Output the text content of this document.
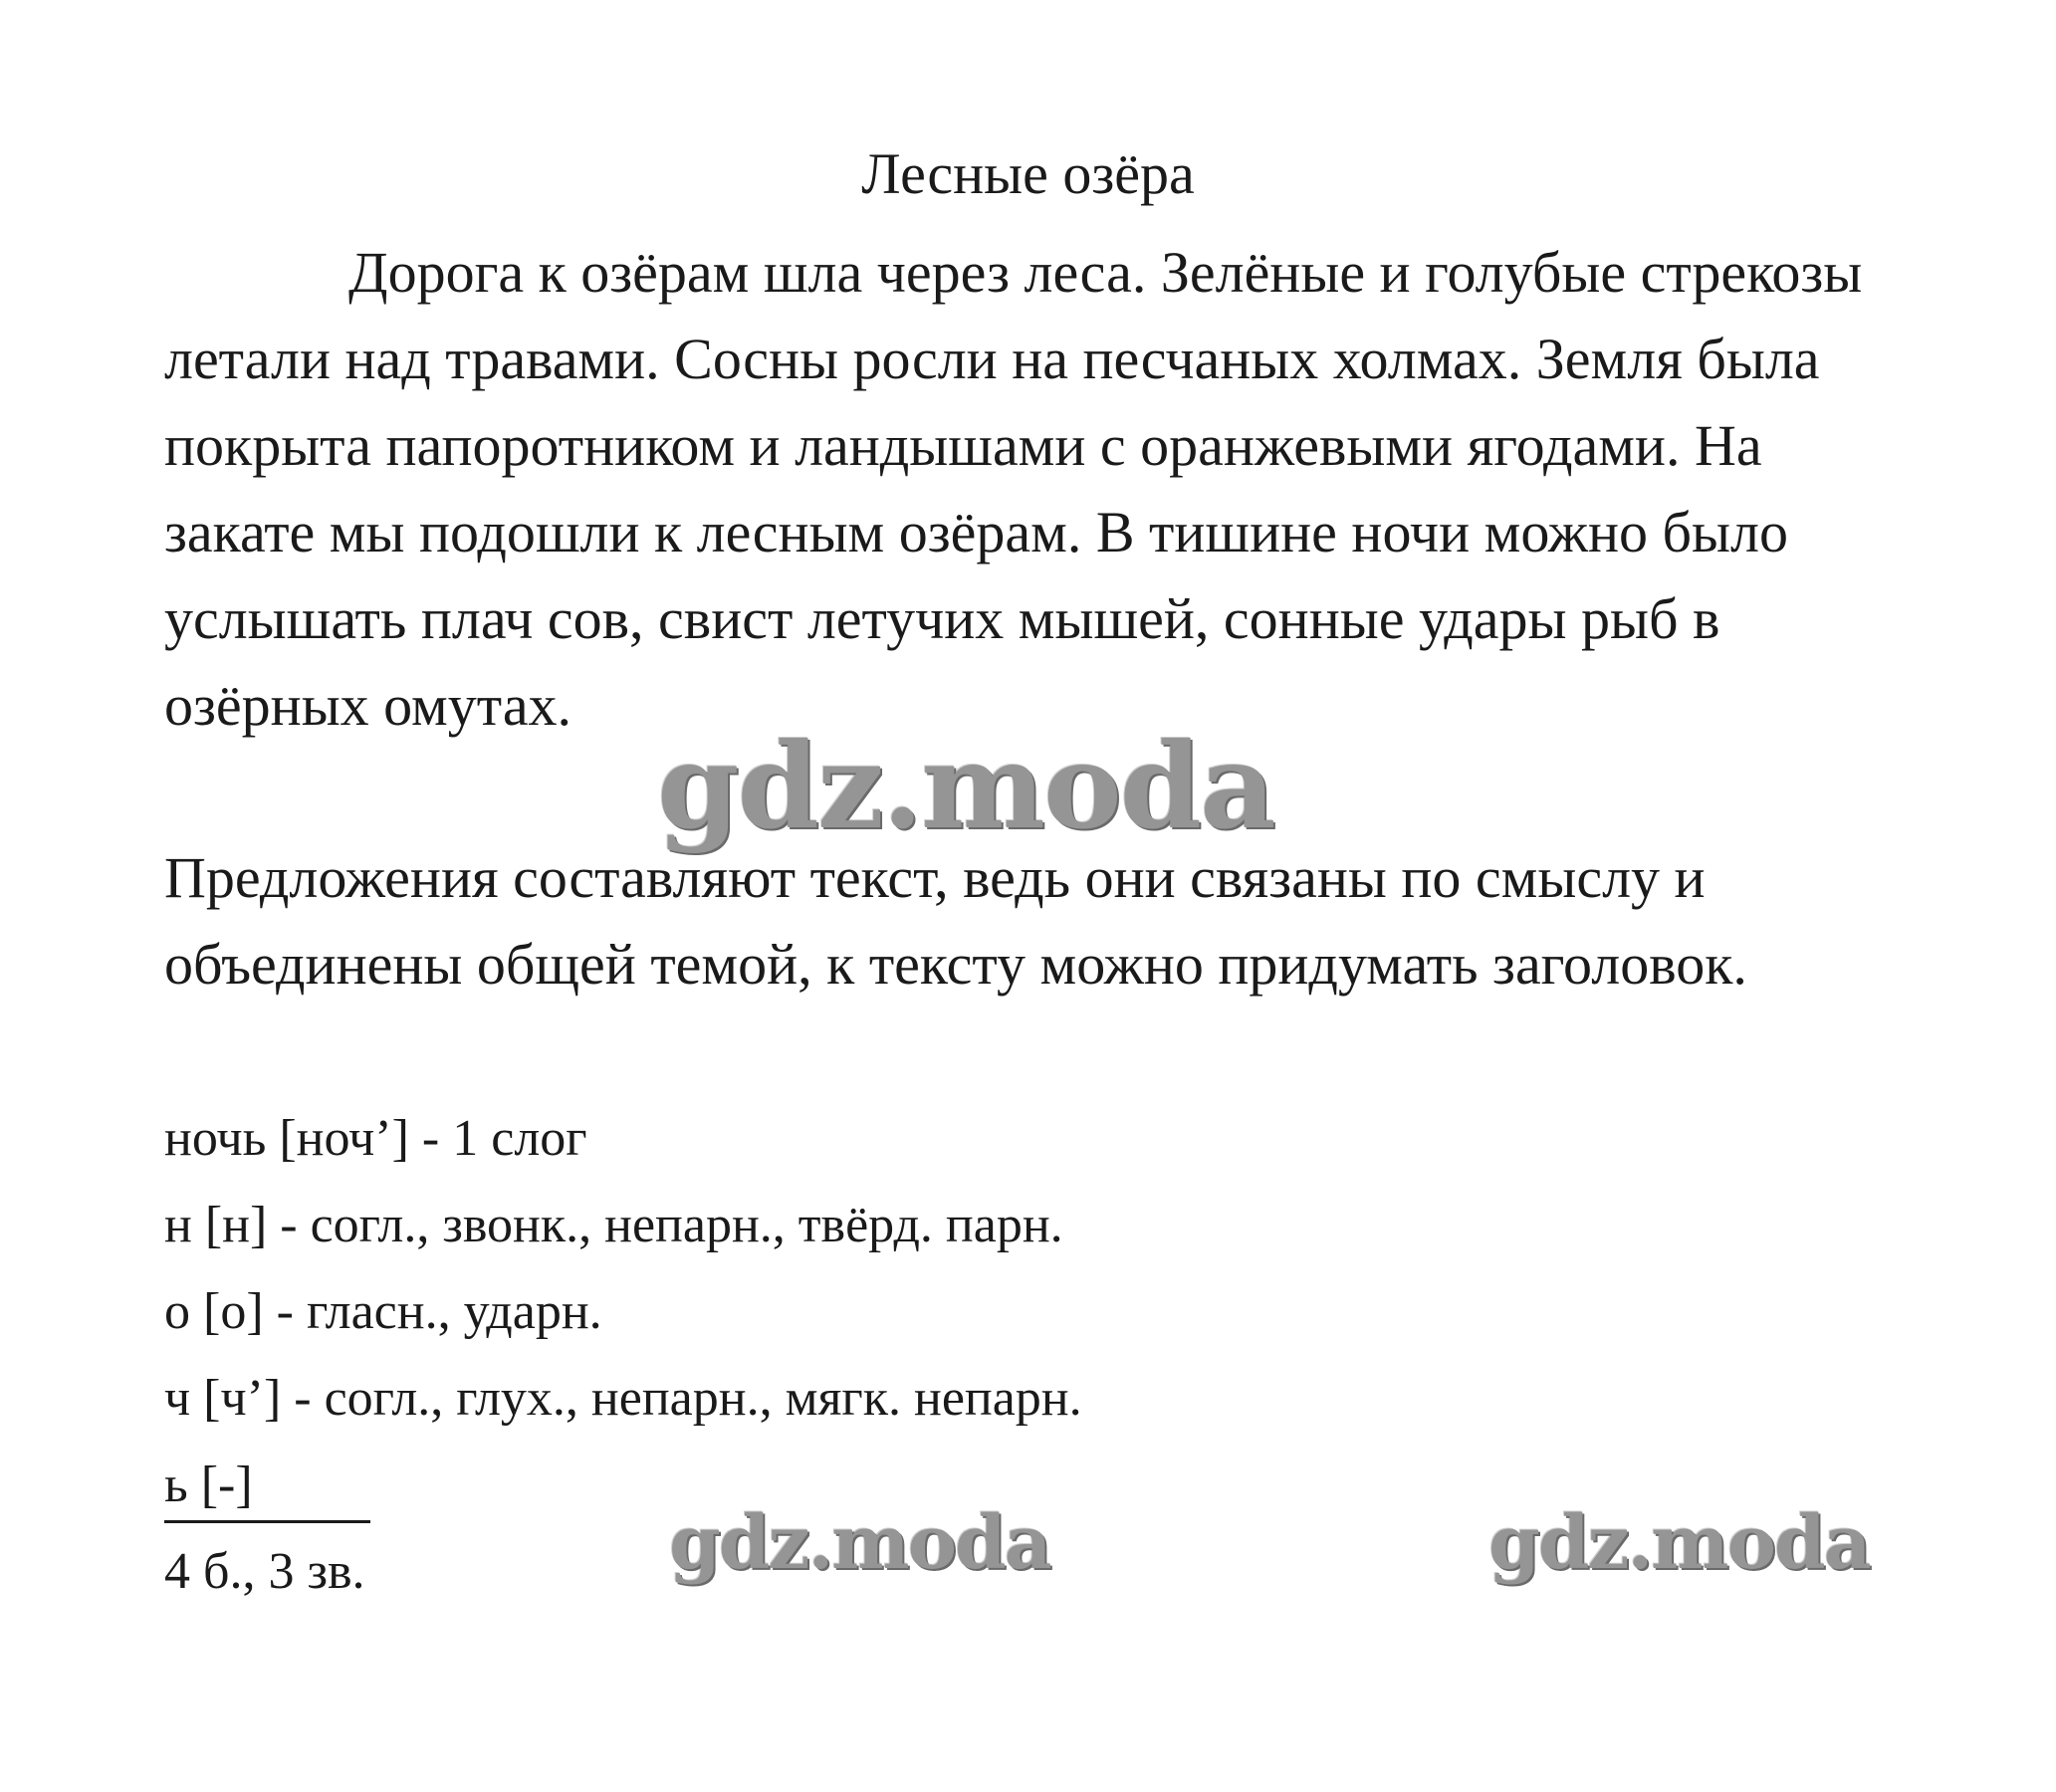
Лесные озёра
Дорога к озёрам шла через леса. Зелёные и голубые стрекозы
летали над травами. Сосны росли на песчаных холмах. Земля была
покрыта папоротником и ландышами с оранжевыми ягодами. На
закате мы подошли к лесным озёрам. В тишине ночи можно было
услышать плач сов, свист летучих мышей, сонные удары рыб в
озёрных омутах.
gdz.moda
Предложения составляют текст, ведь они связаны по смыслу и
объединены общей темой, к тексту можно придумать заголовок.
ночь [ноч’] - 1 слог
н [н] - согл., звонк., непарн., твёрд. парн.
о [о] - гласн., ударн.
ч [ч’] - согл., глух., непарн., мягк. непарн.
ь [-]
4 б., 3 зв.	gdz.moda	gdz.moda
